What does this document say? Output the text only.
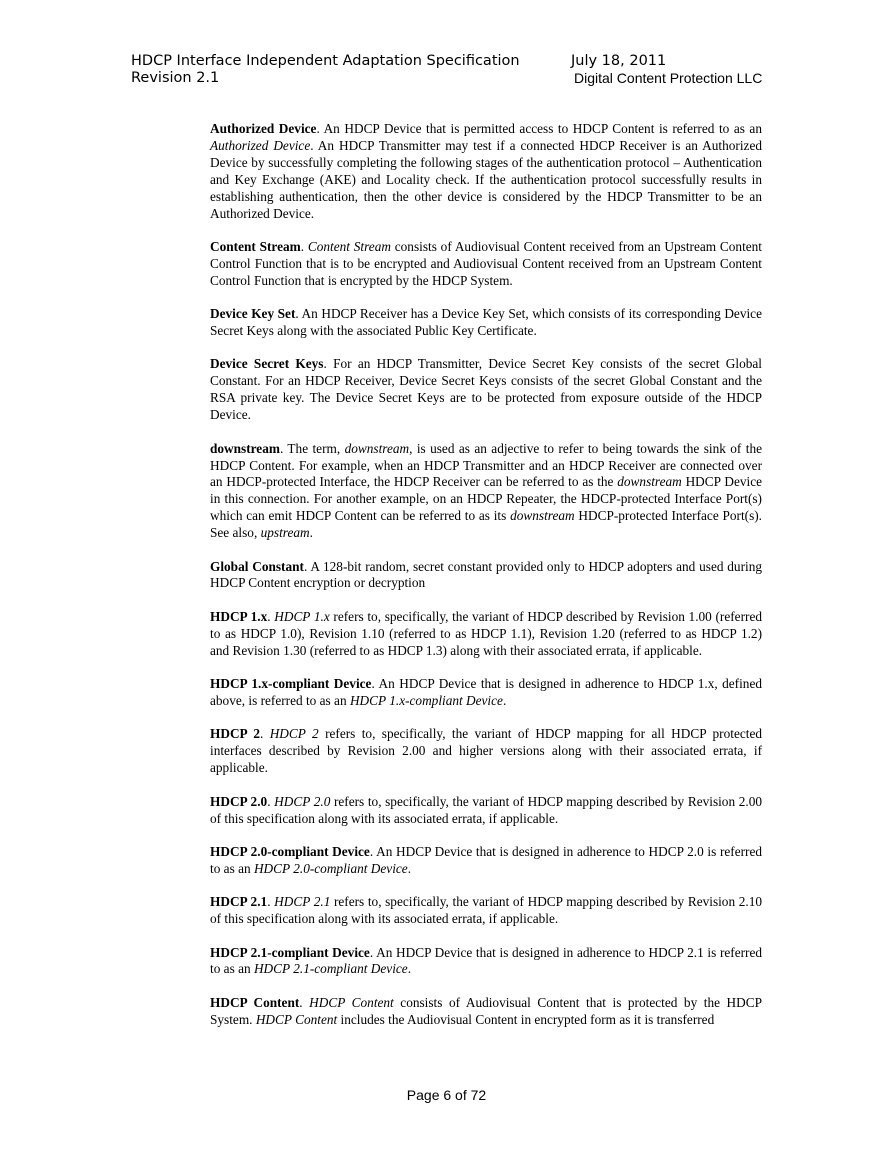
HDCP Interface Independent Adaptation Specification
Revision 2.1
July 18, 2011
Digital Content Protection LLC

Authorized Device. An HDCP Device that is permitted access to HDCP Content is referred to as an Authorized Device. An HDCP Transmitter may test if a connected HDCP Receiver is an Authorized Device by successfully completing the following stages of the authentication protocol – Authentication and Key Exchange (AKE) and Locality check. If the authentication protocol successfully results in establishing authentication, then the other device is considered by the HDCP Transmitter to be an Authorized Device.

Content Stream. Content Stream consists of Audiovisual Content received from an Upstream Content Control Function that is to be encrypted and Audiovisual Content received from an Upstream Content Control Function that is encrypted by the HDCP System.

Device Key Set. An HDCP Receiver has a Device Key Set, which consists of its corresponding Device Secret Keys along with the associated Public Key Certificate.

Device Secret Keys. For an HDCP Transmitter, Device Secret Key consists of the secret Global Constant. For an HDCP Receiver, Device Secret Keys consists of the secret Global Constant and the RSA private key. The Device Secret Keys are to be protected from exposure outside of the HDCP Device.

downstream. The term, downstream, is used as an adjective to refer to being towards the sink of the HDCP Content. For example, when an HDCP Transmitter and an HDCP Receiver are connected over an HDCP-protected Interface, the HDCP Receiver can be referred to as the downstream HDCP Device in this connection. For another example, on an HDCP Repeater, the HDCP-protected Interface Port(s) which can emit HDCP Content can be referred to as its downstream HDCP-protected Interface Port(s). See also, upstream.

Global Constant. A 128-bit random, secret constant provided only to HDCP adopters and used during HDCP Content encryption or decryption

HDCP 1.x. HDCP 1.x refers to, specifically, the variant of HDCP described by Revision 1.00 (referred to as HDCP 1.0), Revision 1.10 (referred to as HDCP 1.1), Revision 1.20 (referred to as HDCP 1.2) and Revision 1.30 (referred to as HDCP 1.3) along with their associated errata, if applicable.

HDCP 1.x-compliant Device. An HDCP Device that is designed in adherence to HDCP 1.x, defined above, is referred to as an HDCP 1.x-compliant Device.

HDCP 2. HDCP 2 refers to, specifically, the variant of HDCP mapping for all HDCP protected interfaces described by Revision 2.00 and higher versions along with their associated errata, if applicable.

HDCP 2.0. HDCP 2.0 refers to, specifically, the variant of HDCP mapping described by Revision 2.00 of this specification along with its associated errata, if applicable.

HDCP 2.0-compliant Device. An HDCP Device that is designed in adherence to HDCP 2.0 is referred to as an HDCP 2.0-compliant Device.

HDCP 2.1. HDCP 2.1 refers to, specifically, the variant of HDCP mapping described by Revision 2.10 of this specification along with its associated errata, if applicable.

HDCP 2.1-compliant Device. An HDCP Device that is designed in adherence to HDCP 2.1 is referred to as an HDCP 2.1-compliant Device.

HDCP Content. HDCP Content consists of Audiovisual Content that is protected by the HDCP System. HDCP Content includes the Audiovisual Content in encrypted form as it is transferred

Page 6 of 72
